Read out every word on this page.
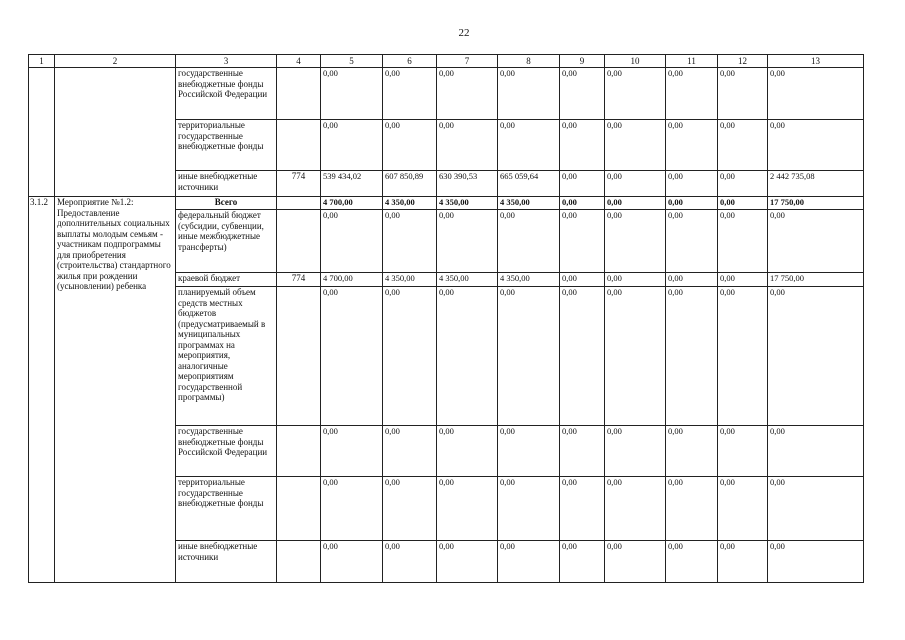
22
1	2	3	4	5	6	7	8	9	10	11	12	13
		государственные внебюджетные фонды Российской Федерации		0,00	0,00	0,00	0,00	0,00	0,00	0,00	0,00	0,00
		территориальные государственные внебюджетные фонды		0,00	0,00	0,00	0,00	0,00	0,00	0,00	0,00	0,00
		иные внебюджетные источники	774	539 434,02	607 850,89	630 390,53	665 059,64	0,00	0,00	0,00	0,00	2 442 735,08
3.1.2	Мероприятие №1.2: Предоставление дополнительных социальных выплаты молодым семьям - участникам подпрограммы для приобретения (строительства) стандартного жилья при рождении (усыновлении) ребенка	Всего		4 700,00	4 350,00	4 350,00	4 350,00	0,00	0,00	0,00	0,00	17 750,00
		федеральный бюджет (субсидии, субвенции, иные межбюджетные трансферты)		0,00	0,00	0,00	0,00	0,00	0,00	0,00	0,00	0,00
		краевой бюджет	774	4 700,00	4 350,00	4 350,00	4 350,00	0,00	0,00	0,00	0,00	17 750,00
		планируемый объем средств местных бюджетов (предусматриваемый в муниципальных программах на мероприятия, аналогичные мероприятиям государственной программы)		0,00	0,00	0,00	0,00	0,00	0,00	0,00	0,00	0,00
		государственные внебюджетные фонды Российской Федерации		0,00	0,00	0,00	0,00	0,00	0,00	0,00	0,00	0,00
		территориальные государственные внебюджетные фонды		0,00	0,00	0,00	0,00	0,00	0,00	0,00	0,00	0,00
		иные внебюджетные источники		0,00	0,00	0,00	0,00	0,00	0,00	0,00	0,00	0,00
